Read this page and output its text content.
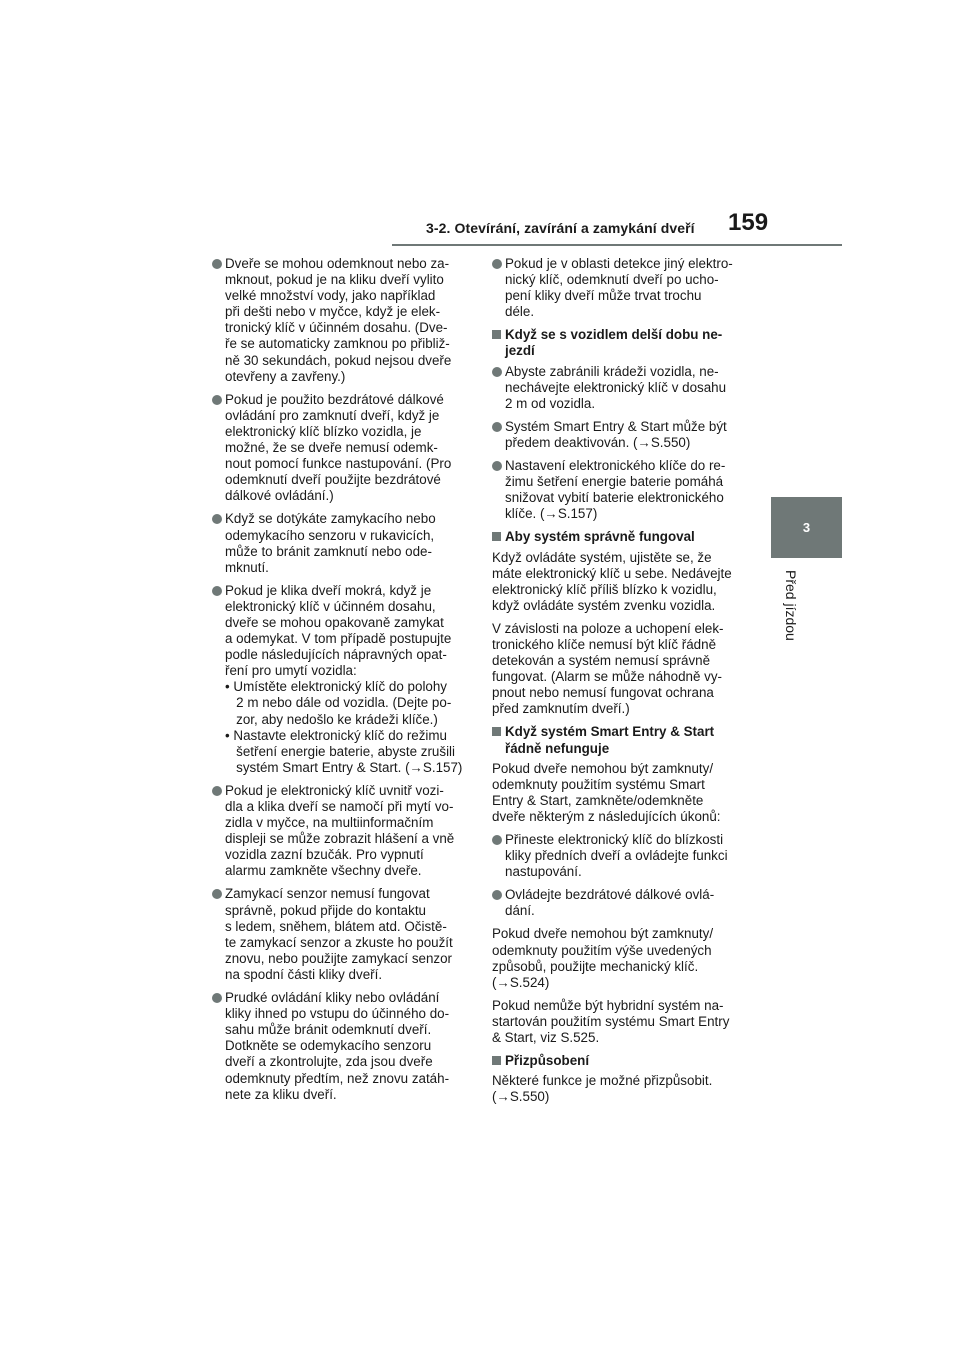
3-2. Otevírání, zavírání a zamykání dveří 159
3
Před jízdou
Dveře se mohou odemknout nebo za-
mknout, pokud je na kliku dveří vylito
velké množství vody, jako například
při dešti nebo v myčce, když je elek-
tronický klíč v účinném dosahu. (Dve-
ře se automaticky zamknou po přibliž-
ně 30 sekundách, pokud nejsou dveře
otevřeny a zavřeny.)
Pokud je použito bezdrátové dálkové
ovládání pro zamknutí dveří, když je
elektronický klíč blízko vozidla, je
možné, že se dveře nemusí odemk-
nout pomocí funkce nastupování. (Pro
odemknutí dveří použijte bezdrátové
dálkové ovládání.)
Když se dotýkáte zamykacího nebo
odemykacího senzoru v rukavicích,
může to bránit zamknutí nebo ode-
mknutí.
Pokud je klika dveří mokrá, když je
elektronický klíč v účinném dosahu,
dveře se mohou opakovaně zamykat
a odemykat. V tom případě postupujte
podle následujících nápravných opat-
ření pro umytí vozidla:
• Umístěte elektronický klíč do polohy
2 m nebo dále od vozidla. (Dejte po-
zor, aby nedošlo ke krádeži klíče.)
• Nastavte elektronický klíč do režimu
šetření energie baterie, abyste zrušili
systém Smart Entry & Start. (→S.157)
Pokud je elektronický klíč uvnitř vozi-
dla a klika dveří se namočí při mytí vo-
zidla v myčce, na multiinformačním
displeji se může zobrazit hlášení a vně
vozidla zazní bzučák. Pro vypnutí
alarmu zamkněte všechny dveře.
Zamykací senzor nemusí fungovat
správně, pokud přijde do kontaktu
s ledem, sněhem, blátem atd. Očistě-
te zamykací senzor a zkuste ho použít
znovu, nebo použijte zamykací senzor
na spodní části kliky dveří.
Prudké ovládání kliky nebo ovládání
kliky ihned po vstupu do účinného do-
sahu může bránit odemknutí dveří.
Dotkněte se odemykacího senzoru
dveří a zkontrolujte, zda jsou dveře
odemknuty předtím, než znovu zatáh-
nete za kliku dveří.
Pokud je v oblasti detekce jiný elektro-
nický klíč, odemknutí dveří po ucho-
pení kliky dveří může trvat trochu
déle.
Když se s vozidlem delší dobu ne-
jezdí
Abyste zabránili krádeži vozidla, ne-
nechávejte elektronický klíč v dosahu
2 m od vozidla.
Systém Smart Entry & Start může být
předem deaktivován. (→S.550)
Nastavení elektronického klíče do re-
žimu šetření energie baterie pomáhá
snižovat vybití baterie elektronického
klíče. (→S.157)
Aby systém správně fungoval
Když ovládáte systém, ujistěte se, že
máte elektronický klíč u sebe. Nedávejte
elektronický klíč příliš blízko k vozidlu,
když ovládáte systém zvenku vozidla.
V závislosti na poloze a uchopení elek-
tronického klíče nemusí být klíč řádně
detekován a systém nemusí správně
fungovat. (Alarm se může náhodně vy-
pnout nebo nemusí fungovat ochrana
před zamknutím dveří.)
Když systém Smart Entry & Start
řádně nefunguje
Pokud dveře nemohou být zamknuty/
odemknuty použitím systému Smart
Entry & Start, zamkněte/odemkněte
dveře některým z následujících úkonů:
Přineste elektronický klíč do blízkosti
kliky předních dveří a ovládejte funkci
nastupování.
Ovládejte bezdrátové dálkové ovlá-
dání.
Pokud dveře nemohou být zamknuty/
odemknuty použitím výše uvedených
způsobů, použijte mechanický klíč.
(→S.524)
Pokud nemůže být hybridní systém na-
startován použitím systému Smart Entry
& Start, viz S.525.
Přizpůsobení
Některé funkce je možné přizpůsobit.
(→S.550)
